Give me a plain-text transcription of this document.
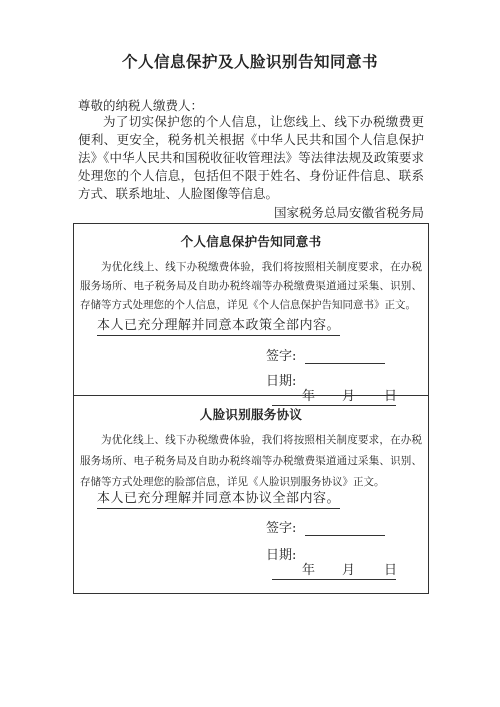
个人信息保护及人脸识别告知同意书
尊敬的纳税人缴费人：
为了切实保护您的个人信息，让您线上、线下办税缴费更便利、更安全，税务机关根据《中华人民共和国个人信息保护法》《中华人民共和国税收征收管理法》等法律法规及政策要求处理您的个人信息，包括但不限于姓名、身份证件信息、联系方式、联系地址、人脸图像等信息。
国家税务总局安徽省税务局
个人信息保护告知同意书
为优化线上、线下办税缴费体验，我们将按照相关制度要求，在办税服务场所、电子税务局及自助办税终端等办税缴费渠道通过采集、识别、存储等方式处理您的个人信息，详见《个人信息保护告知同意书》正文。
本人已充分理解并同意本政策全部内容。
签字:
日期:
年 月 日
人脸识别服务协议
为优化线上、线下办税缴费体验，我们将按照相关制度要求，在办税服务场所、电子税务局及自助办税终端等办税缴费渠道通过采集、识别、存储等方式处理您的脸部信息，详见《人脸识别服务协议》正文。
本人已充分理解并同意本协议全部内容。
签字:
日期:
年 月 日
